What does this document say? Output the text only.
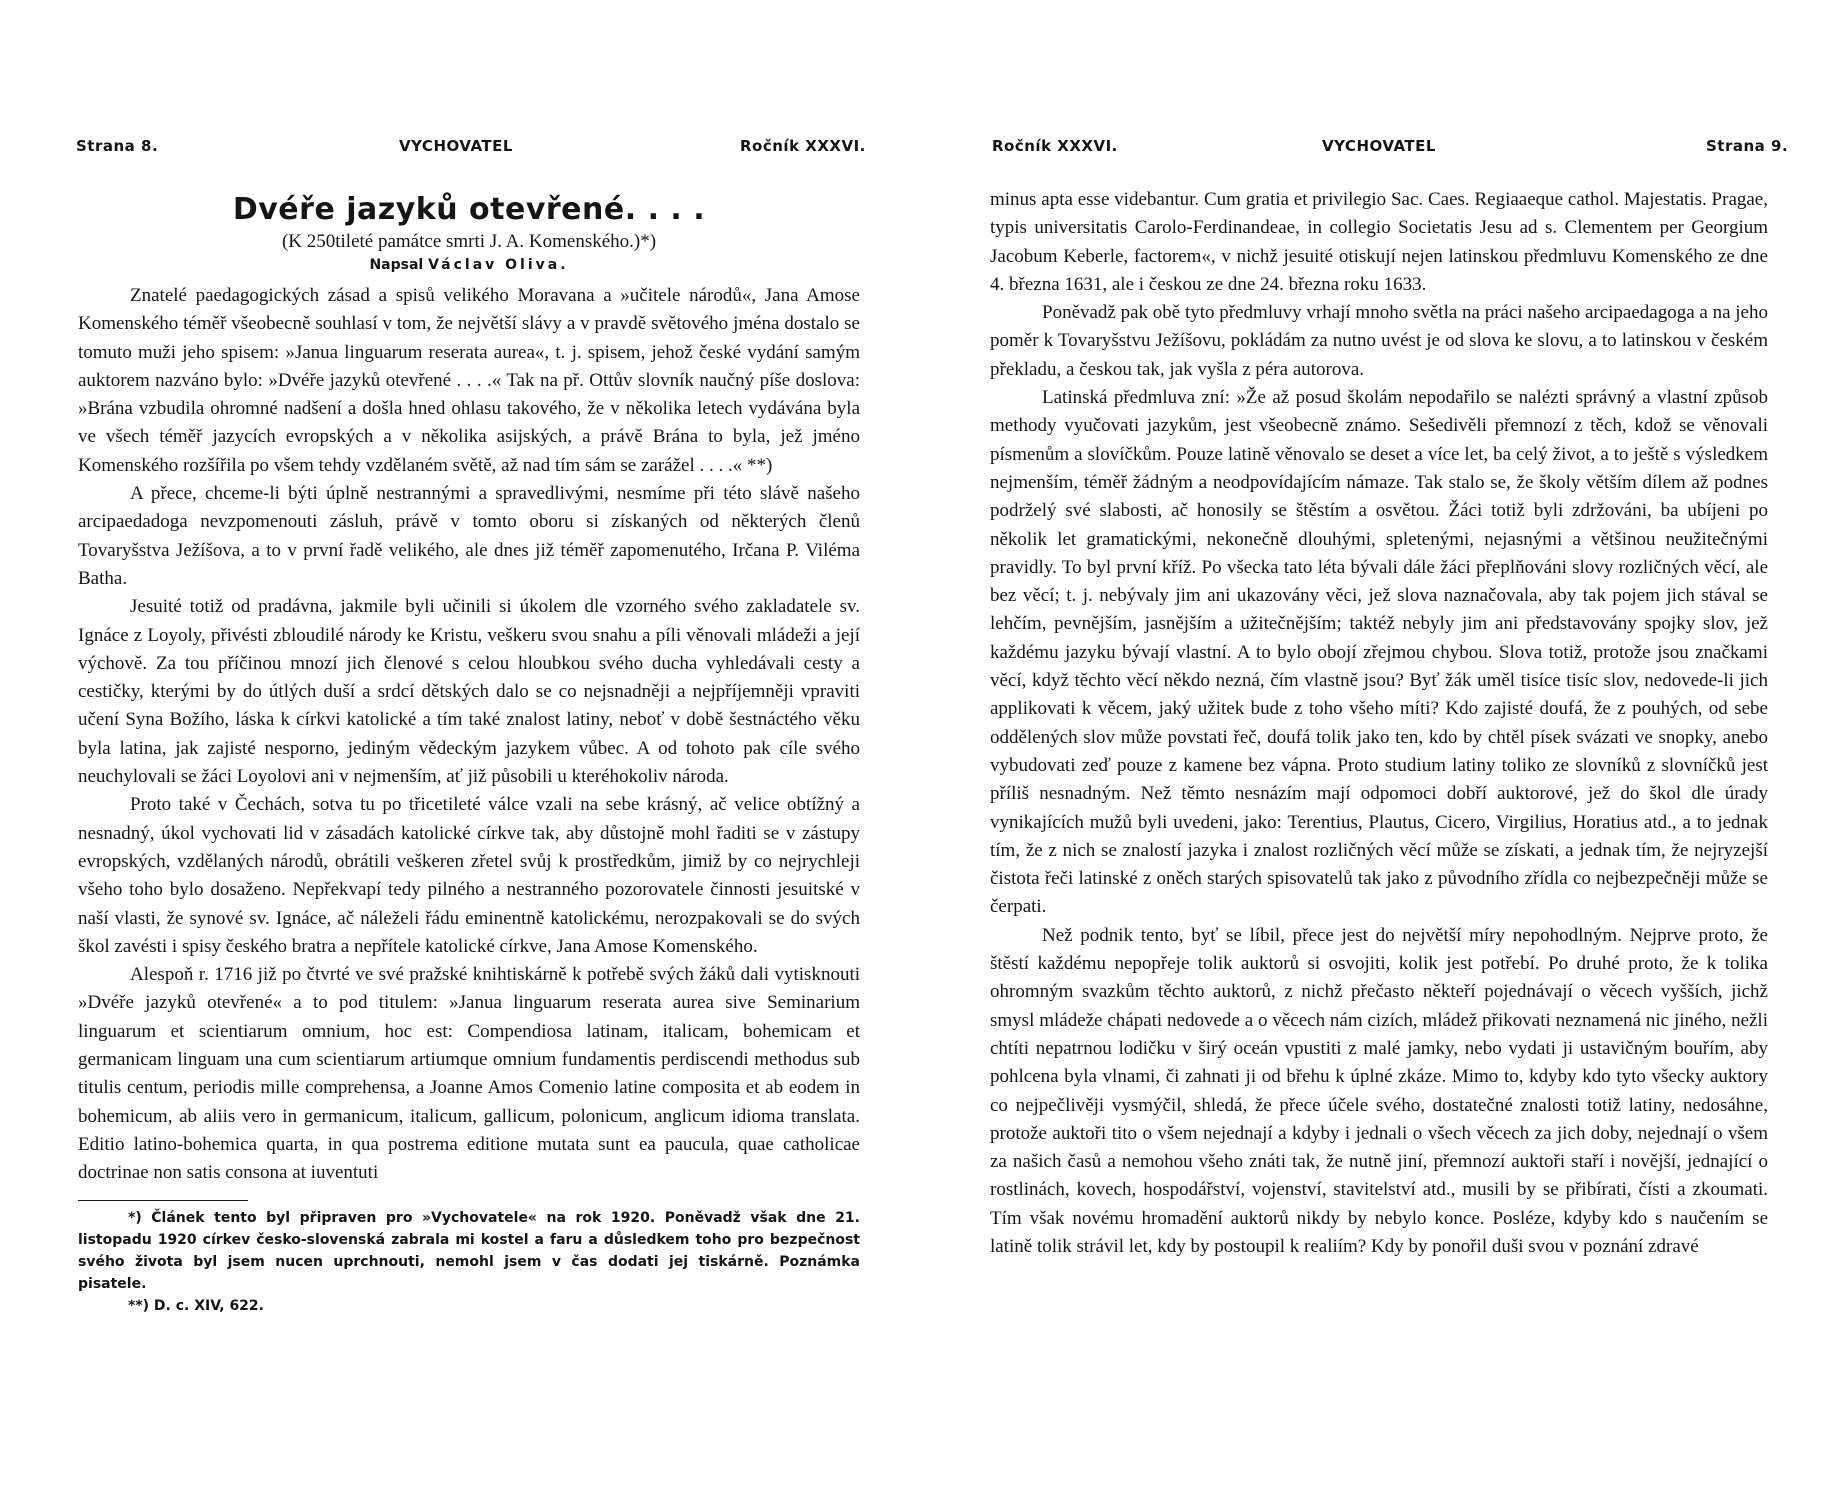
Strana 8.	VYCHOVATEL	Ročník XXXVI.
Dvéře jazyků otevřené. . . .

(K 250tileté památce smrti J. A. Komenského.)*)

Napsal Václav Oliva.

Znatelé paedagogických zásad a spisů velikého Moravana a »učitele národů«, Jana Amose Komenského téměř všeobecně souhlasí v tom, že největší slávy a v pravdě světového jména dostalo se tomuto muži jeho spisem: »Janua linguarum reserata aurea«, t. j. spisem, jehož české vydání samým auktorem nazváno bylo: »Dvéře jazyků otevřené . . . .« Tak na př. Ottův slovník naučný píše doslova: »Brána vzbudila ohromné nadšení a došla hned ohlasu takového, že v několika letech vydávána byla ve všech téměř jazycích evropských a v několika asijských, a právě Brána to byla, jež jméno Komenského rozšířila po všem tehdy vzdělaném světě, až nad tím sám se zarážel . . . .« **)

A přece, chceme-li býti úplně nestrannými a spravedlivými, nesmíme při této slávě našeho arcipaedadoga nevzpomenouti zásluh, právě v tomto oboru si získaných od některých členů Tovaryšstva Ježíšova, a to v první řadě velikého, ale dnes již téměř zapomenutého, Irčana P. Viléma Batha.

Jesuité totiž od pradávna, jakmile byli učinili si úkolem dle vzorného svého zakladatele sv. Ignáce z Loyoly, přivésti zbloudilé národy ke Kristu, veškeru svou snahu a píli věnovali mládeži a její výchově. Za tou příčinou mnozí jich členové s celou hloubkou svého ducha vyhledávali cesty a cestičky, kterými by do útlých duší a srdcí dětských dalo se co nejsnadněji a nejpříjemněji vpraviti učení Syna Božího, láska k církvi katolické a tím také znalost latiny, neboť v době šestnáctého věku byla latina, jak zajisté nesporno, jediným vědeckým jazykem vůbec. A od tohoto pak cíle svého neuchylovali se žáci Loyolovi ani v nejmenším, ať již působili u kteréhokoliv národa.

Proto také v Čechách, sotva tu po třicetileté válce vzali na sebe krásný, ač velice obtížný a nesnadný, úkol vychovati lid v zásadách katolické církve tak, aby důstojně mohl řaditi se v zástupy evropských, vzdělaných národů, obrátili veškeren zřetel svůj k prostředkům, jimiž by co nejrychleji všeho toho bylo dosaženo. Nepřekvapí tedy pilného a nestranného pozorovatele činnosti jesuitské v naší vlasti, že synové sv. Ignáce, ač náleželi řádu eminentně katolickému, nerozpakovali se do svých škol zavésti i spisy českého bratra a nepřítele katolické církve, Jana Amose Komenského.

Alespoň r. 1716 již po čtvrté ve své pražské knihtiskárně k potřebě svých žáků dali vytisknouti »Dvéře jazyků otevřené« a to pod titulem: »Janua linguarum reserata aurea sive Seminarium linguarum et scientiarum omnium, hoc est: Compendiosa latinam, italicam, bohemicam et germanicam linguam una cum scientiarum artiumque omnium fundamentis perdiscendi methodus sub titulis centum, periodis mille comprehensa, a Joanne Amos Comenio latine composita et ab eodem in bohemicum, ab aliis vero in germanicum, italicum, gallicum, polonicum, anglicum idioma translata. Editio latino-bohemica quarta, in qua postrema editione mutata sunt ea paucula, quae catholicae doctrinae non satis consona at iuventuti

*) Článek tento byl připraven pro »Vychovatele« na rok 1920. Poněvadž však dne 21. listopadu 1920 církev česko-slovenská zabrala mi kostel a faru a důsledkem toho pro bezpečnost svého života byl jsem nucen uprchnouti, nemohl jsem v čas dodati jej tiskárně. Poznámka pisatele.

**) D. c. XIV, 622.

Ročník XXXVI.	VYCHOVATEL	Strana 9.

minus apta esse videbantur. Cum gratia et privilegio Sac. Caes. Regiaaeque cathol. Majestatis. Pragae, typis universitatis Carolo-Ferdinandeae, in collegio Societatis Jesu ad s. Clementem per Georgium Jacobum Keberle, factorem«, v nichž jesuité otiskují nejen latinskou předmluvu Komenského ze dne 4. března 1631, ale i českou ze dne 24. března roku 1633.

Poněvadž pak obě tyto předmluvy vrhají mnoho světla na práci našeho arcipaedagoga a na jeho poměr k Tovaryšstvu Ježíšovu, pokládám za nutno uvést je od slova ke slovu, a to latinskou v českém překladu, a českou tak, jak vyšla z péra autorova.

Latinská předmluva zní: »Že až posud školám nepodařilo se nalézti správný a vlastní způsob methody vyučovati jazykům, jest všeobecně známo. Sešedivěli přemnozí z těch, kdož se věnovali písmenům a slovíčkům. Pouze latině věnovalo se deset a více let, ba celý život, a to ještě s výsledkem nejmenším, téměř žádným a neodpovídajícím námaze. Tak stalo se, že školy větším dílem až podnes podrželý své slabosti, ač honosily se štěstím a osvětou. Žáci totiž byli zdržováni, ba ubíjeni po několik let gramatickými, nekonečně dlouhými, spletenými, nejasnými a většinou neužitečnými pravidly. To byl první kříž. Po všecka tato léta bývali dále žáci přeplňováni slovy rozličných věcí, ale bez věcí; t. j. nebývaly jim ani ukazovány věci, jež slova naznačovala, aby tak pojem jich stával se lehčím, pevnějším, jasnějším a užitečnějším; taktéž nebyly jim ani představovány spojky slov, jež každému jazyku bývají vlastní. A to bylo obojí zřejmou chybou. Slova totiž, protože jsou značkami věcí, když těchto věcí někdo nezná, čím vlastně jsou? Byť žák uměl tisíce tisíc slov, nedovede-li jich applikovati k věcem, jaký užitek bude z toho všeho míti? Kdo zajisté doufá, že z pouhých, od sebe oddělených slov může povstati řeč, doufá tolik jako ten, kdo by chtěl písek svázati ve snopky, anebo vybudovati zeď pouze z kamene bez vápna. Proto studium latiny toliko ze slovníků z slovníčků jest příliš nesnadným. Než těmto nesnázím mají odpomoci dobří auktorové, jež do škol dle úrady vynikajících mužů byli uvedeni, jako: Terentius, Plautus, Cicero, Virgilius, Horatius atd., a to jednak tím, že z nich se znalostí jazyka i znalost rozličných věcí může se získati, a jednak tím, že nejryzejší čistota řeči latinské z oněch starých spisovatelů tak jako z původního zřídla co nejbezpečněji může se čerpati.

Než podnik tento, byť se líbil, přece jest do největší míry nepohodlným. Nejprve proto, že štěstí každému nepopřeje tolik auktorů si osvojiti, kolik jest potřebí. Po druhé proto, že k tolika ohromným svazkům těchto auktorů, z nichž přečasto někteří pojednávají o věcech vyšších, jichž smysl mládeže chápati nedovede a o věcech nám cizích, mládež přikovati neznamená nic jiného, nežli chtíti nepatrnou lodičku v širý oceán vpustiti z malé jamky, nebo vydati ji ustavičným bouřím, aby pohlcena byla vlnami, či zahnati ji od břehu k úplné zkáze. Mimo to, kdyby kdo tyto všecky auktory co nejpečlivěji vysmýčil, shledá, že přece účele svého, dostatečné znalosti totiž latiny, nedosáhne, protože auktoři tito o všem nejednají a kdyby i jednali o všech věcech za jich doby, nejednají o všem za našich časů a nemohou všeho znáti tak, že nutně jiní, přemnozí auktoři staří i novější, jednající o rostlinách, kovech, hospodářství, vojenství, stavitelství atd., musili by se přibírati, čísti a zkoumati. Tím však novému hromadění auktorů nikdy by nebylo konce. Posléze, kdyby kdo s naučením se latině tolik strávil let, kdy by postoupil k realiím? Kdy by ponořil duši svou v poznání zdravé
